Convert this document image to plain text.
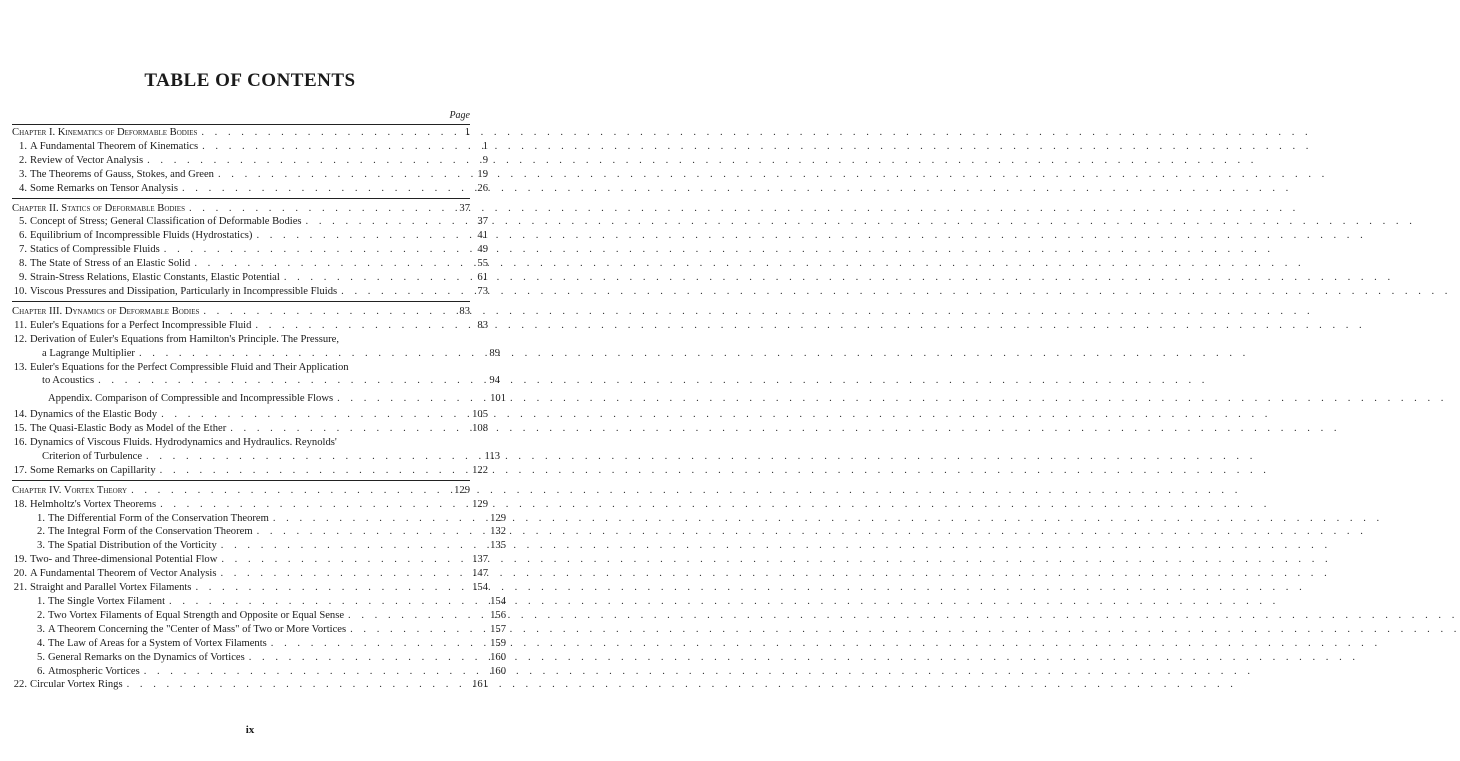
TABLE OF CONTENTS
Page
Chapter I. Kinematics of Deformable Bodies . . .	1
1. A Fundamental Theorem of Kinematics . . .	1
2. Review of Vector Analysis . . .	9
3. The Theorems of Gauss, Stokes, and Green . . .	19
4. Some Remarks on Tensor Analysis . . .	26
Chapter II. Statics of Deformable Bodies . . .	37
5. Concept of Stress; General Classification of Deformable Bodies . . .	37
6. Equilibrium of Incompressible Fluids (Hydrostatics) . . .	41
7. Statics of Compressible Fluids . . .	49
8. The State of Stress of an Elastic Solid . . .	55
9. Strain-Stress Relations, Elastic Constants, Elastic Potential . . .	61
10. Viscous Pressures and Dissipation, Particularly in Incompressible Fluids . . .	73
Chapter III. Dynamics of Deformable Bodies . . .	83
11. Euler's Equations for a Perfect Incompressible Fluid . . .	83
12. Derivation of Euler's Equations from Hamilton's Principle. The Pressure,
a Lagrange Multiplier . . .	89
13. Euler's Equations for the Perfect Compressible Fluid and Their Application
to Acoustics . . .	94
Appendix. Comparison of Compressible and Incompressible Flows . . .	101
14. Dynamics of the Elastic Body . . .	105
15. The Quasi-Elastic Body as Model of the Ether . . .	108
16. Dynamics of Viscous Fluids. Hydrodynamics and Hydraulics. Reynolds'
Criterion of Turbulence . . .	113
17. Some Remarks on Capillarity . . .	122
Chapter IV. Vortex Theory . . .	129
18. Helmholtz's Vortex Theorems . . .	129
1. The Differential Form of the Conservation Theorem . . .	129
2. The Integral Form of the Conservation Theorem . . .	132
3. The Spatial Distribution of the Vorticity . . .	135
19. Two- and Three-dimensional Potential Flow . . .	137
20. A Fundamental Theorem of Vector Analysis . . .	147
21. Straight and Parallel Vortex Filaments . . .	154
1. The Single Vortex Filament . . .	154
2. Two Vortex Filaments of Equal Strength and Opposite or Equal Sense . . .	156
3. A Theorem Concerning the "Center of Mass" of Two or More Vortices . . .	157
4. The Law of Areas for a System of Vortex Filaments . . .	159
5. General Remarks on the Dynamics of Vortices . . .	160
6. Atmospheric Vortices . . .	160
22. Circular Vortex Rings . . .	161
ix
